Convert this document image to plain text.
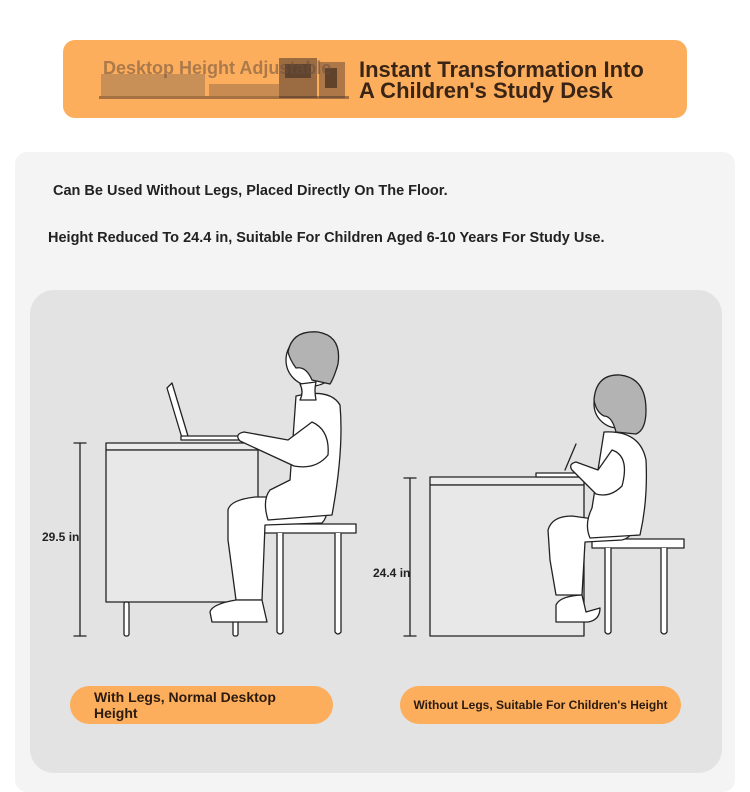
Desktop Height Adjustable Instant Transformation Into
A Children's Study Desk
Can Be Used Without Legs, Placed Directly On The Floor.
Height Reduced To 24.4 in, Suitable For Children Aged 6-10 Years For Study Use.
29.5 in
24.4 in
With Legs, Normal Desktop Height	Without Legs, Suitable For Children's Height
